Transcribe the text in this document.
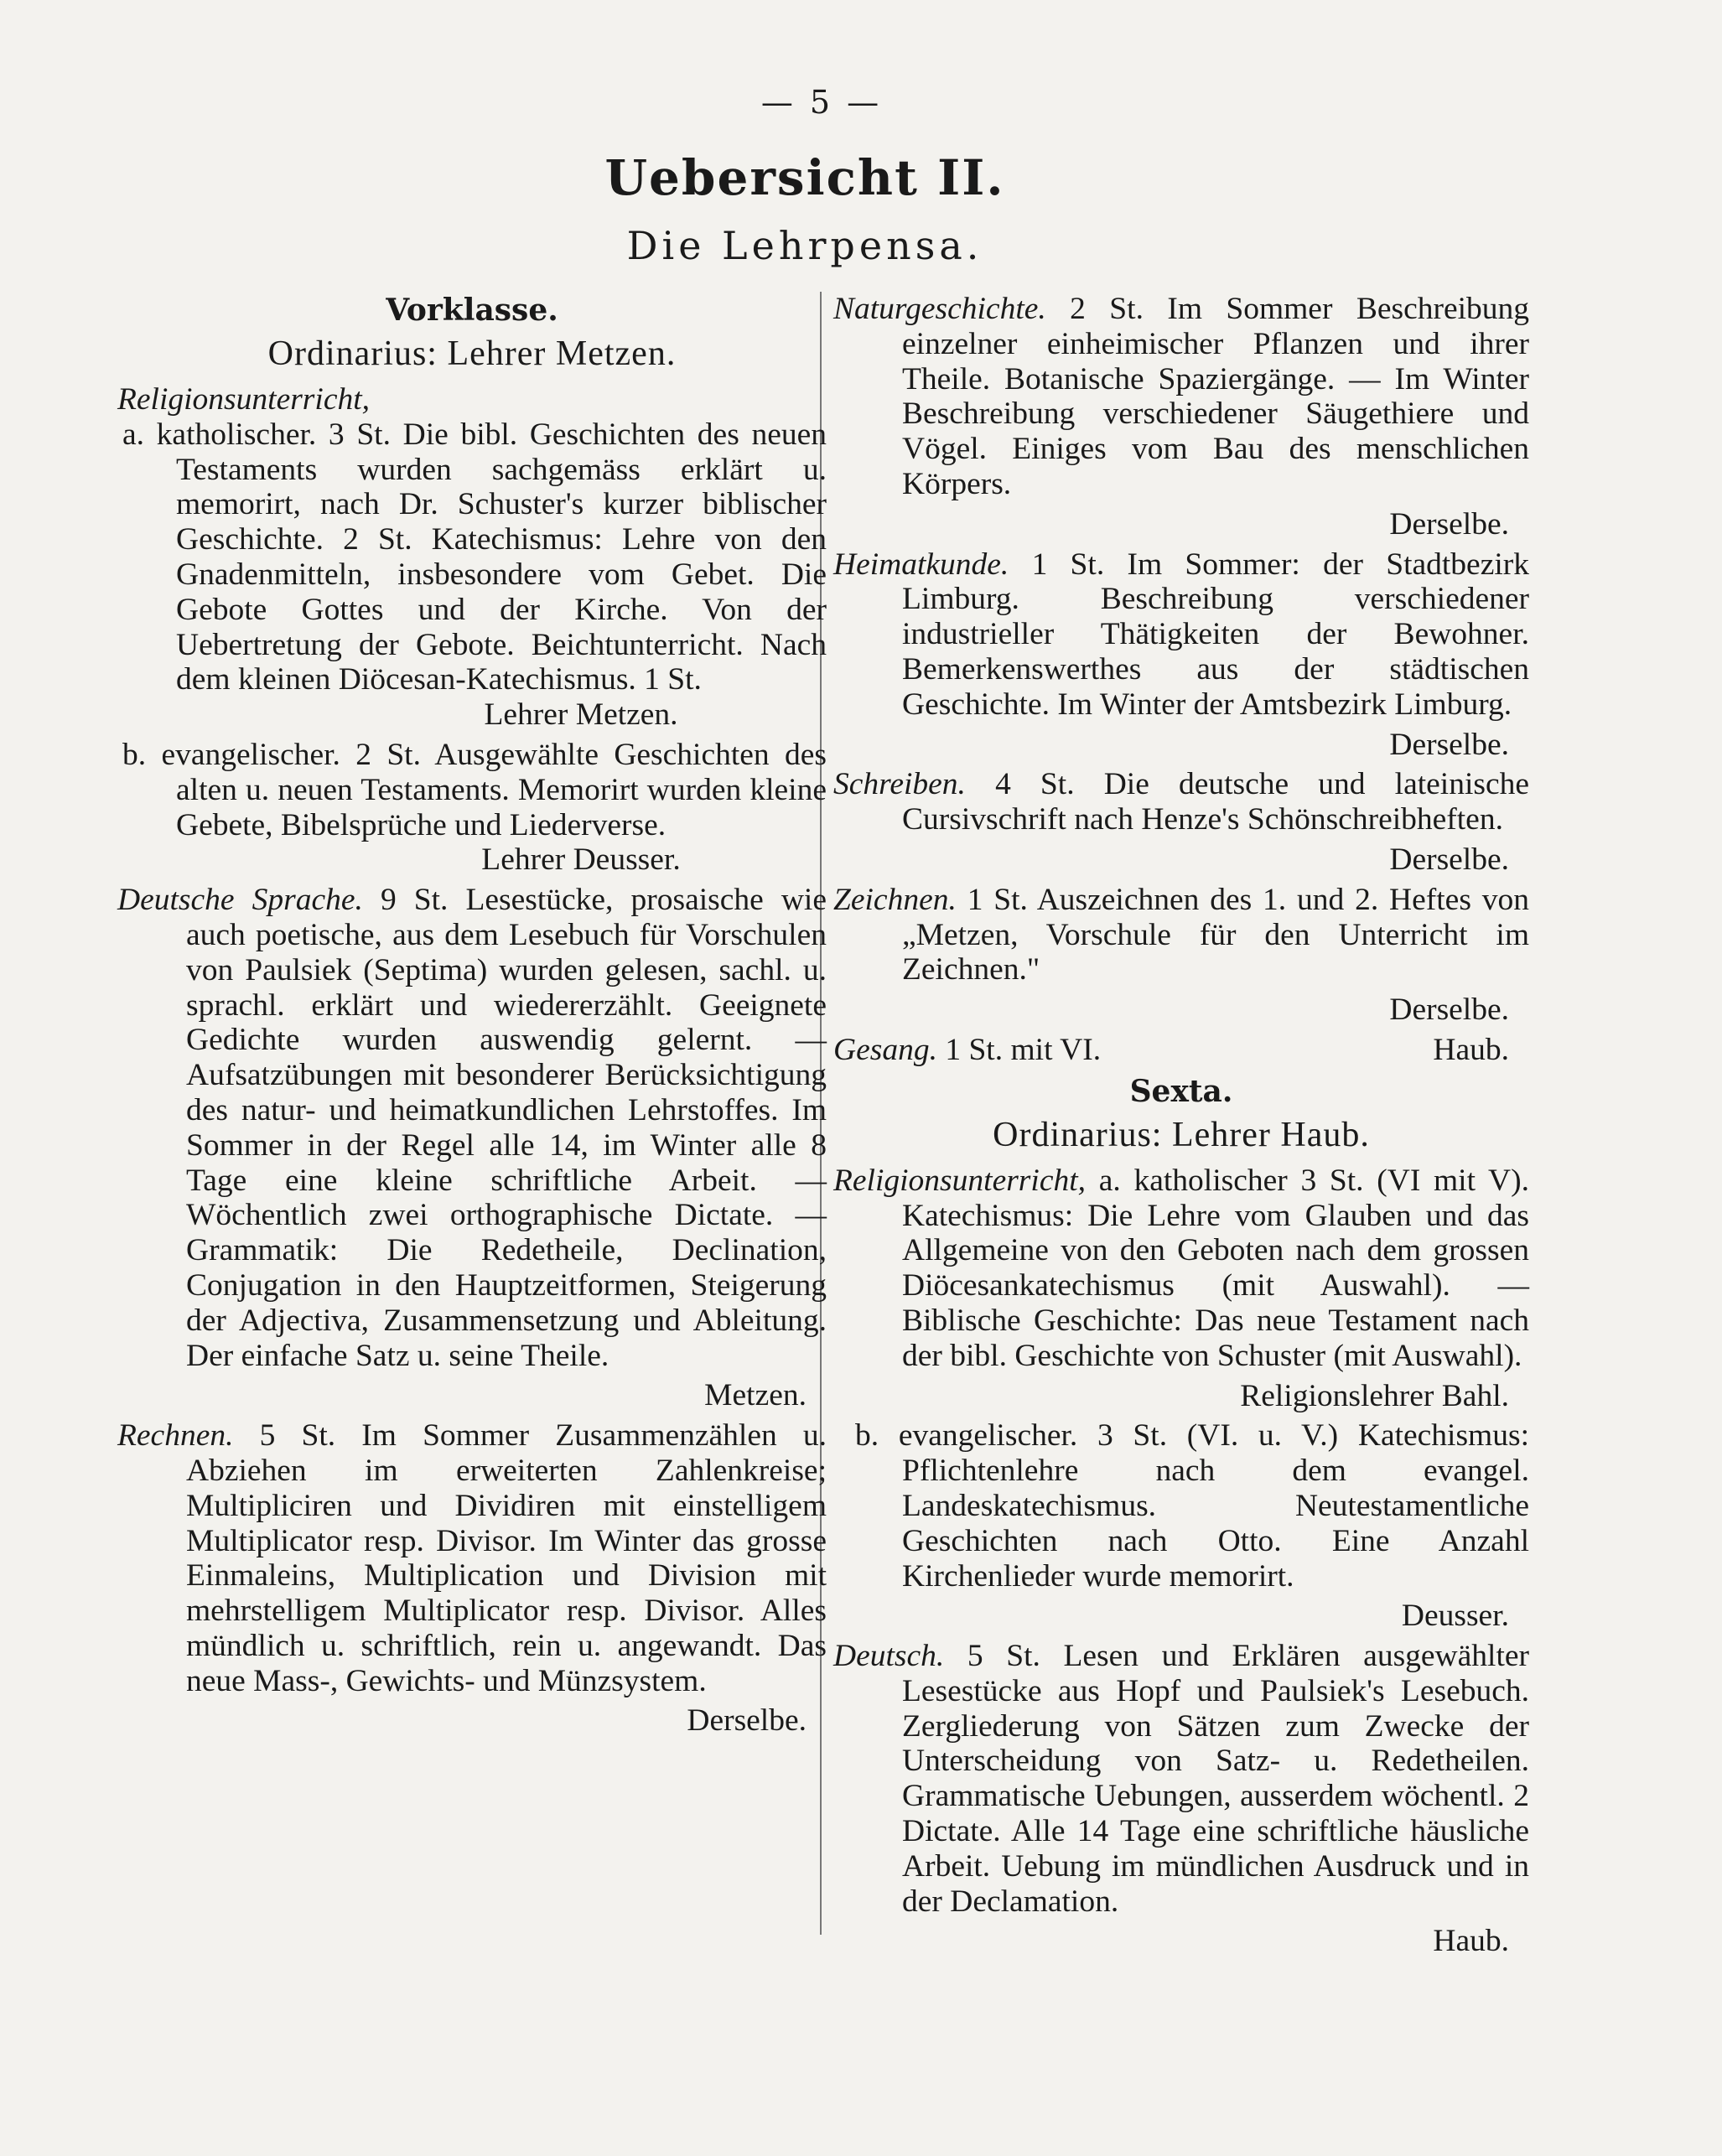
— 5 —
Uebersicht II.
Die Lehrpensa.
Vorklasse.
Ordinarius: Lehrer Metzen.
Religionsunterricht,
a. katholischer. 3 St. Die bibl. Geschichten des neuen Testaments wurden sachgemäss erklärt u. memorirt, nach Dr. Schuster's kurzer biblischer Geschichte. 2 St. Katechismus: Lehre von den Gnadenmitteln, insbesondere vom Gebet. Die Gebote Gottes und der Kirche. Von der Uebertretung der Gebote. Beichtunterricht. Nach dem kleinen Diöcesan-Katechismus. 1 St.
Lehrer Metzen.
b. evangelischer. 2 St. Ausgewählte Geschichten des alten u. neuen Testaments. Memorirt wurden kleine Gebete, Bibelsprüche und Liederverse.
Lehrer Deusser.
Deutsche Sprache. 9 St. Lesestücke, prosaische wie auch poetische, aus dem Lesebuch für Vorschulen von Paulsiek (Septima) wurden gelesen, sachl. u. sprachl. erklärt und wiedererzählt. Geeignete Gedichte wurden auswendig gelernt. — Aufsatzübungen mit besonderer Berücksichtigung des natur- und heimatkundlichen Lehrstoffes. Im Sommer in der Regel alle 14, im Winter alle 8 Tage eine kleine schriftliche Arbeit. — Wöchentlich zwei orthographische Dictate. — Grammatik: Die Redetheile, Declination, Conjugation in den Hauptzeitformen, Steigerung der Adjectiva, Zusammensetzung und Ableitung. Der einfache Satz u. seine Theile.
Metzen.
Rechnen. 5 St. Im Sommer Zusammenzählen u. Abziehen im erweiterten Zahlenkreise; Multipliciren und Dividiren mit einstelligem Multiplicator resp. Divisor. Im Winter das grosse Einmaleins, Multiplication und Division mit mehrstelligem Multiplicator resp. Divisor. Alles mündlich u. schriftlich, rein u. angewandt. Das neue Mass-, Gewichts- und Münzsystem.
Derselbe.
Naturgeschichte. 2 St. Im Sommer Beschreibung einzelner einheimischer Pflanzen und ihrer Theile. Botanische Spaziergänge. — Im Winter Beschreibung verschiedener Säugethiere und Vögel. Einiges vom Bau des menschlichen Körpers.
Derselbe.
Heimatkunde. 1 St. Im Sommer: der Stadtbezirk Limburg. Beschreibung verschiedener industrieller Thätigkeiten der Bewohner. Bemerkenswerthes aus der städtischen Geschichte. Im Winter der Amtsbezirk Limburg.
Derselbe.
Schreiben. 4 St. Die deutsche und lateinische Cursivschrift nach Henze's Schönschreibheften.
Derselbe.
Zeichnen. 1 St. Auszeichnen des 1. und 2. Heftes von „Metzen, Vorschule für den Unterricht im Zeichnen."
Derselbe.
Gesang. 1 St. mit VI.	Haub.
Sexta.
Ordinarius: Lehrer Haub.
Religionsunterricht, a. katholischer 3 St. (VI mit V). Katechismus: Die Lehre vom Glauben und das Allgemeine von den Geboten nach dem grossen Diöcesankatechismus (mit Auswahl). — Biblische Geschichte: Das neue Testament nach der bibl. Geschichte von Schuster (mit Auswahl).
Religionslehrer Bahl.
b. evangelischer. 3 St. (VI. u. V.) Katechismus: Pflichtenlehre nach dem evangel. Landeskatechismus. Neutestamentliche Geschichten nach Otto. Eine Anzahl Kirchenlieder wurde memorirt.
Deusser.
Deutsch. 5 St. Lesen und Erklären ausgewählter Lesestücke aus Hopf und Paulsiek's Lesebuch. Zergliederung von Sätzen zum Zwecke der Unterscheidung von Satz- u. Redetheilen. Grammatische Uebungen, ausserdem wöchentl. 2 Dictate. Alle 14 Tage eine schriftliche häusliche Arbeit. Uebung im mündlichen Ausdruck und in der Declamation.
Haub.
